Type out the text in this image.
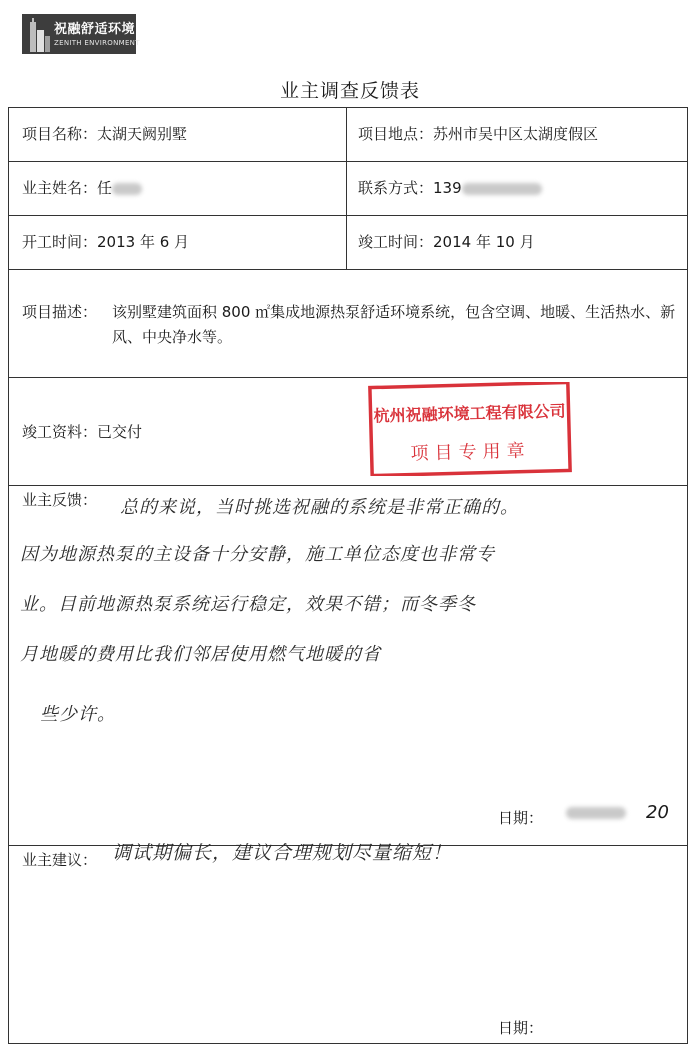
祝融舒适环境
ZENITH ENVIRONMENT
业主调查反馈表
项目名称：太湖天阙别墅	项目地点：苏州市吴中区太湖度假区
业主姓名：任	联系方式：139
开工时间：2013 年 6 月	竣工时间：2014 年 10 月
项目描述： 该别墅建筑面积 800 ㎡集成地源热泵舒适环境系统，包含空调、地暖、生活热水、新风、中央净水等。
竣工资料：已交付
杭州祝融环境工程有限公司
项目专用章
业主反馈： 总的来说，当时挑选祝融的系统是非常正确的。
因为地源热泵的主设备十分安静，施工单位态度也非常专
业。目前地源热泵系统运行稳定，效果不错；而冬季冬
月地暖的费用比我们邻居使用燃气地暖的省
些少许。
日期：	20
业主建议： 调试期偏长，建议合理规划尽量缩短！
日期：
